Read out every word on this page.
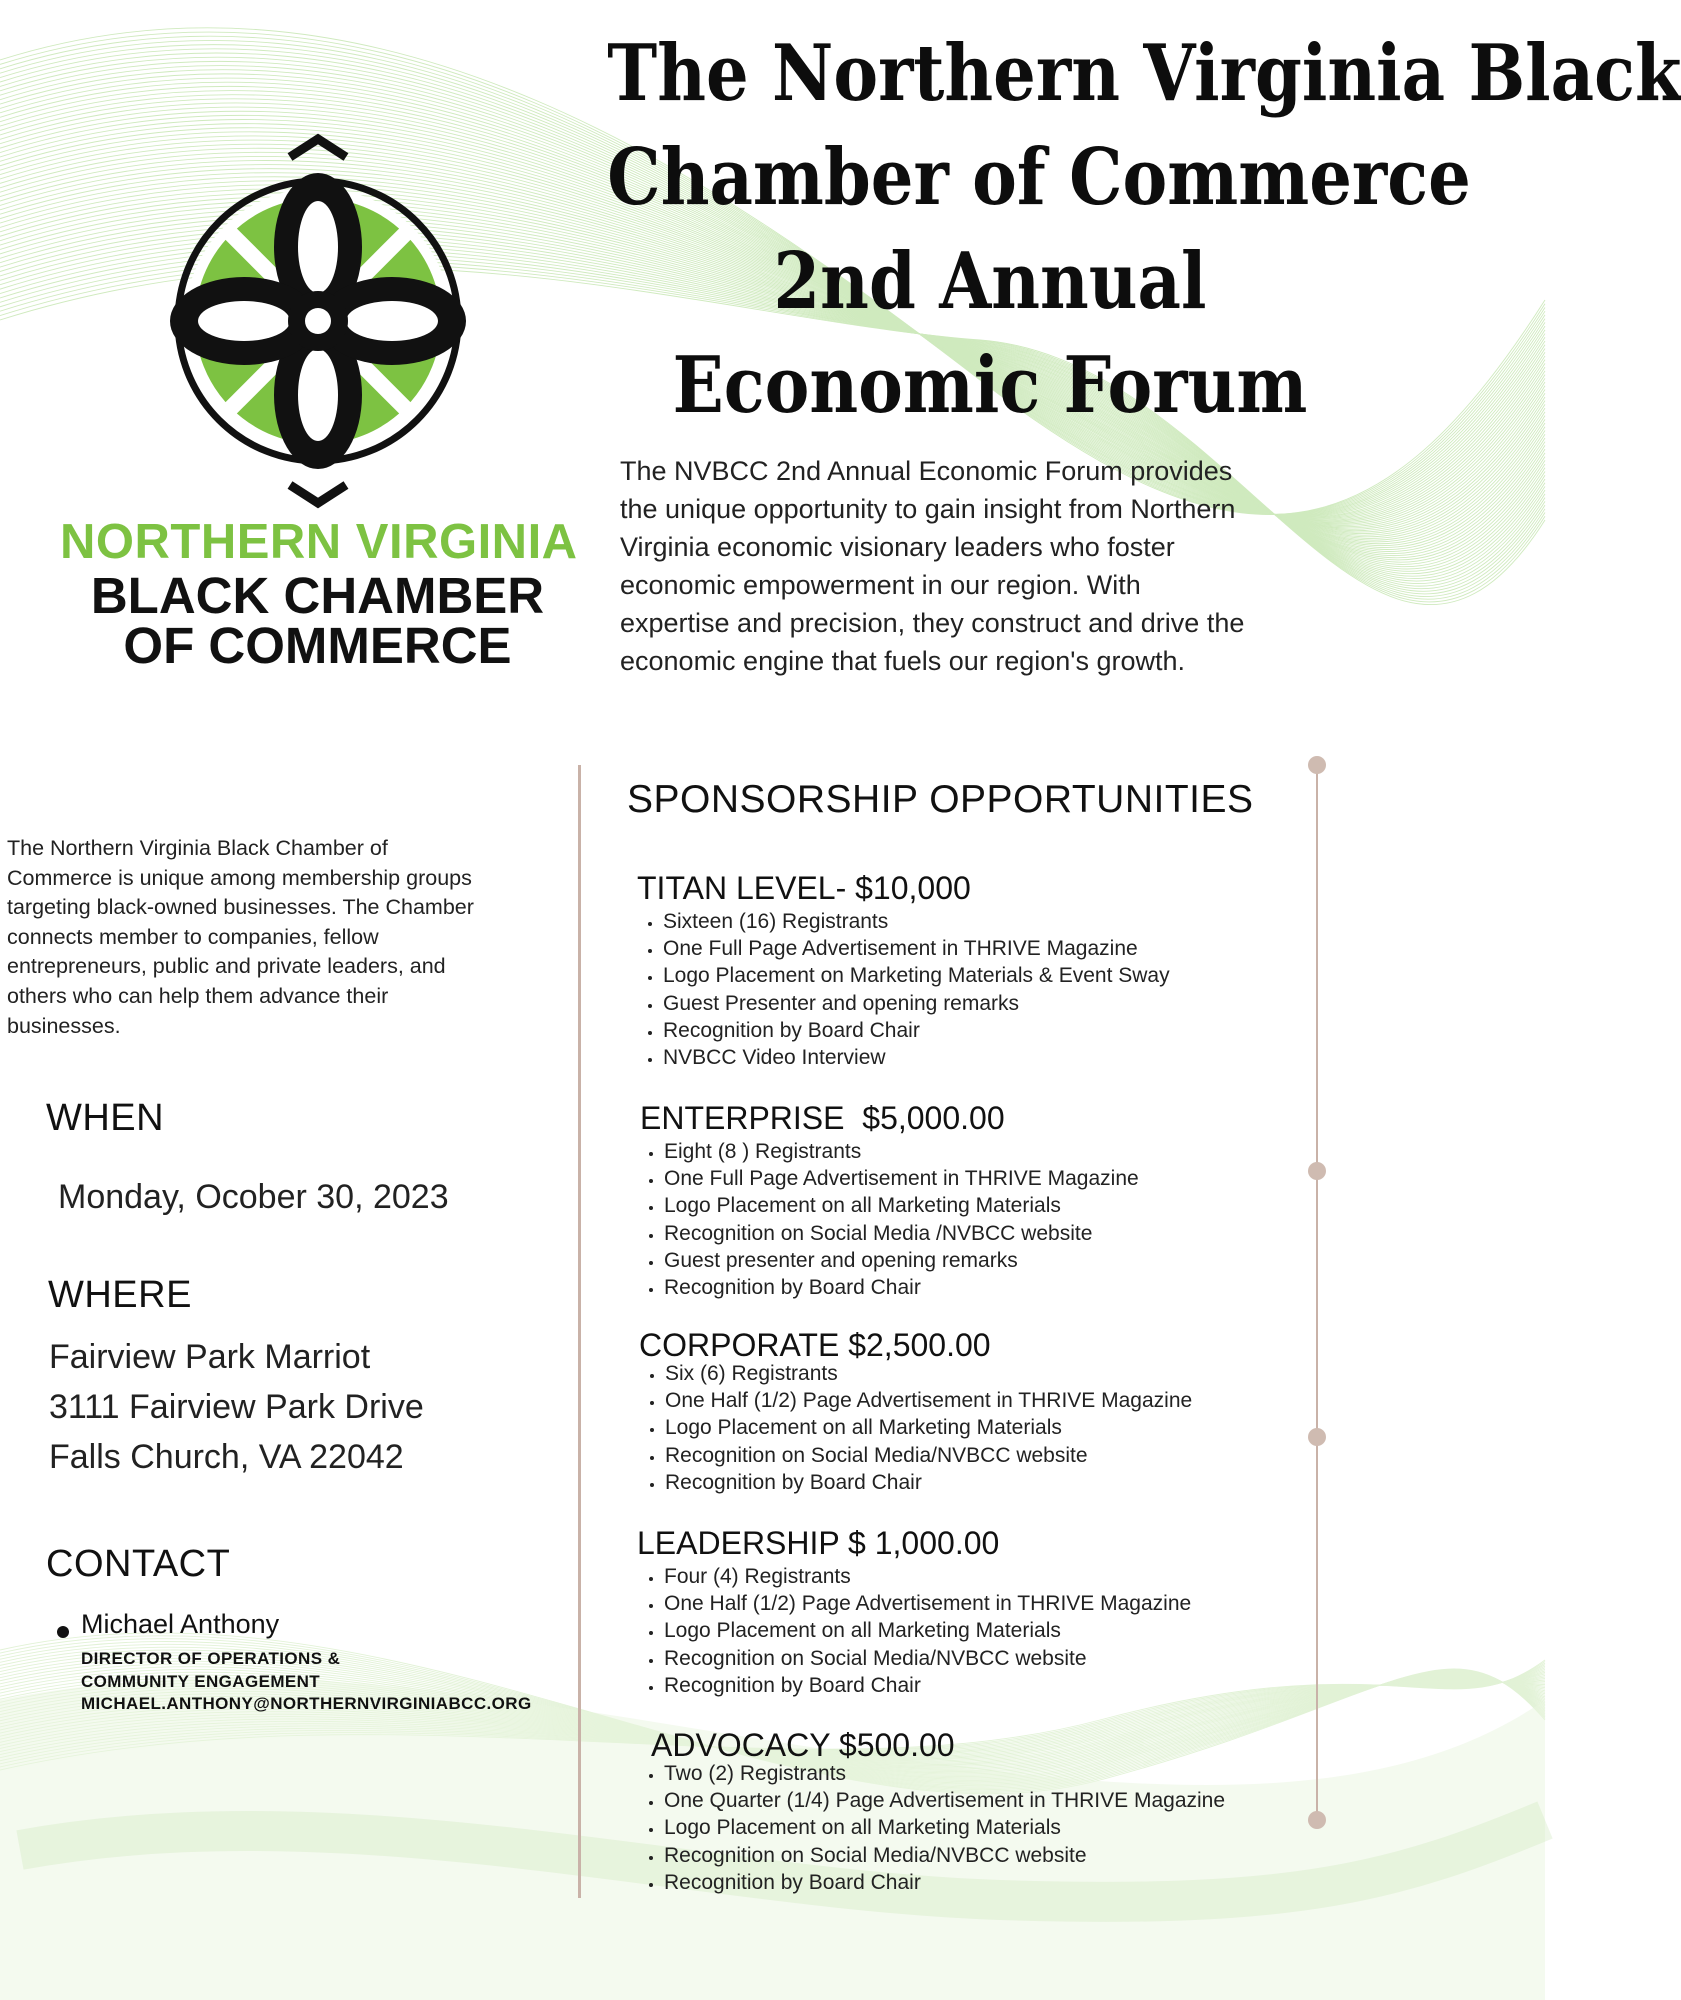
NORTHERN VIRGINIA
BLACK CHAMBER
OF COMMERCE
The Northern Virginia Black
Chamber of Commerce
2nd Annual
Economic Forum
The NVBCC 2nd Annual Economic Forum provides
the unique opportunity to gain insight from Northern
Virginia economic visionary leaders who foster
economic empowerment in our region. With
expertise and precision, they construct and drive the
economic engine that fuels our region's growth.
The Northern Virginia Black Chamber of
Commerce is unique among membership groups
targeting black-owned businesses. The Chamber
connects member to companies, fellow
entrepreneurs, public and private leaders, and
others who can help them advance their
businesses.
WHEN
Monday, Ocober 30, 2023
WHERE
Fairview Park Marriot
3111 Fairview Park Drive
Falls Church, VA 22042
CONTACT
Michael Anthony
DIRECTOR OF OPERATIONS &
COMMUNITY ENGAGEMENT
MICHAEL.ANTHONY@NORTHERNVIRGINIABCC.ORG
SPONSORSHIP OPPORTUNITIES
TITAN LEVEL- $10,000
• Sixteen (16) Registrants
• One Full Page Advertisement in THRIVE Magazine
• Logo Placement on Marketing Materials & Event Sway
• Guest Presenter and opening remarks
• Recognition by Board Chair
• NVBCC Video Interview
ENTERPRISE  $5,000.00
• Eight (8 ) Registrants
• One Full Page Advertisement in THRIVE Magazine
• Logo Placement on all Marketing Materials
• Recognition on Social Media /NVBCC website
• Guest presenter and opening remarks
• Recognition by Board Chair
CORPORATE $2,500.00
• Six (6) Registrants
• One Half (1/2) Page Advertisement in THRIVE Magazine
• Logo Placement on all Marketing Materials
• Recognition on Social Media/NVBCC website
• Recognition by Board Chair
LEADERSHIP $ 1,000.00
• Four (4) Registrants
• One Half (1/2) Page Advertisement in THRIVE Magazine
• Logo Placement on all Marketing Materials
• Recognition on Social Media/NVBCC website
• Recognition by Board Chair
ADVOCACY $500.00
• Two (2) Registrants
• One Quarter (1/4) Page Advertisement in THRIVE Magazine
• Logo Placement on all Marketing Materials
• Recognition on Social Media/NVBCC website
• Recognition by Board Chair
